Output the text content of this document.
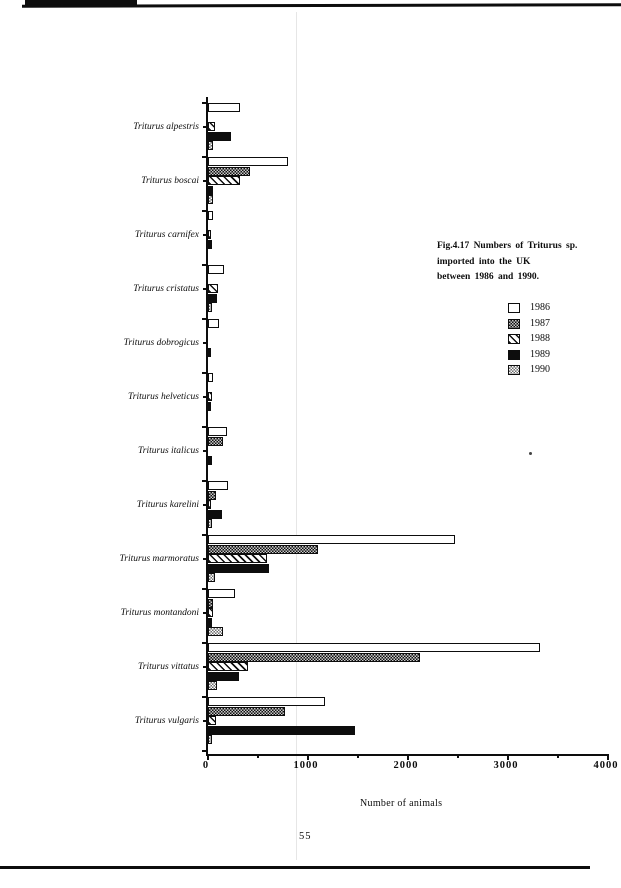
Fig.4.17 Numbers of Triturus sp.
imported into the UK
between 1986 and 1990.
1986
1987
1988
1989
1990
Number of animals
55
Triturus alpestris
Triturus boscai
Triturus carnifex
Triturus cristatus
Triturus dobrogicus
Triturus helveticus
Triturus italicus
Triturus karelini
Triturus marmoratus
Triturus montandoni
Triturus vittatus
Triturus vulgaris
0	1000	2000	3000	4000
